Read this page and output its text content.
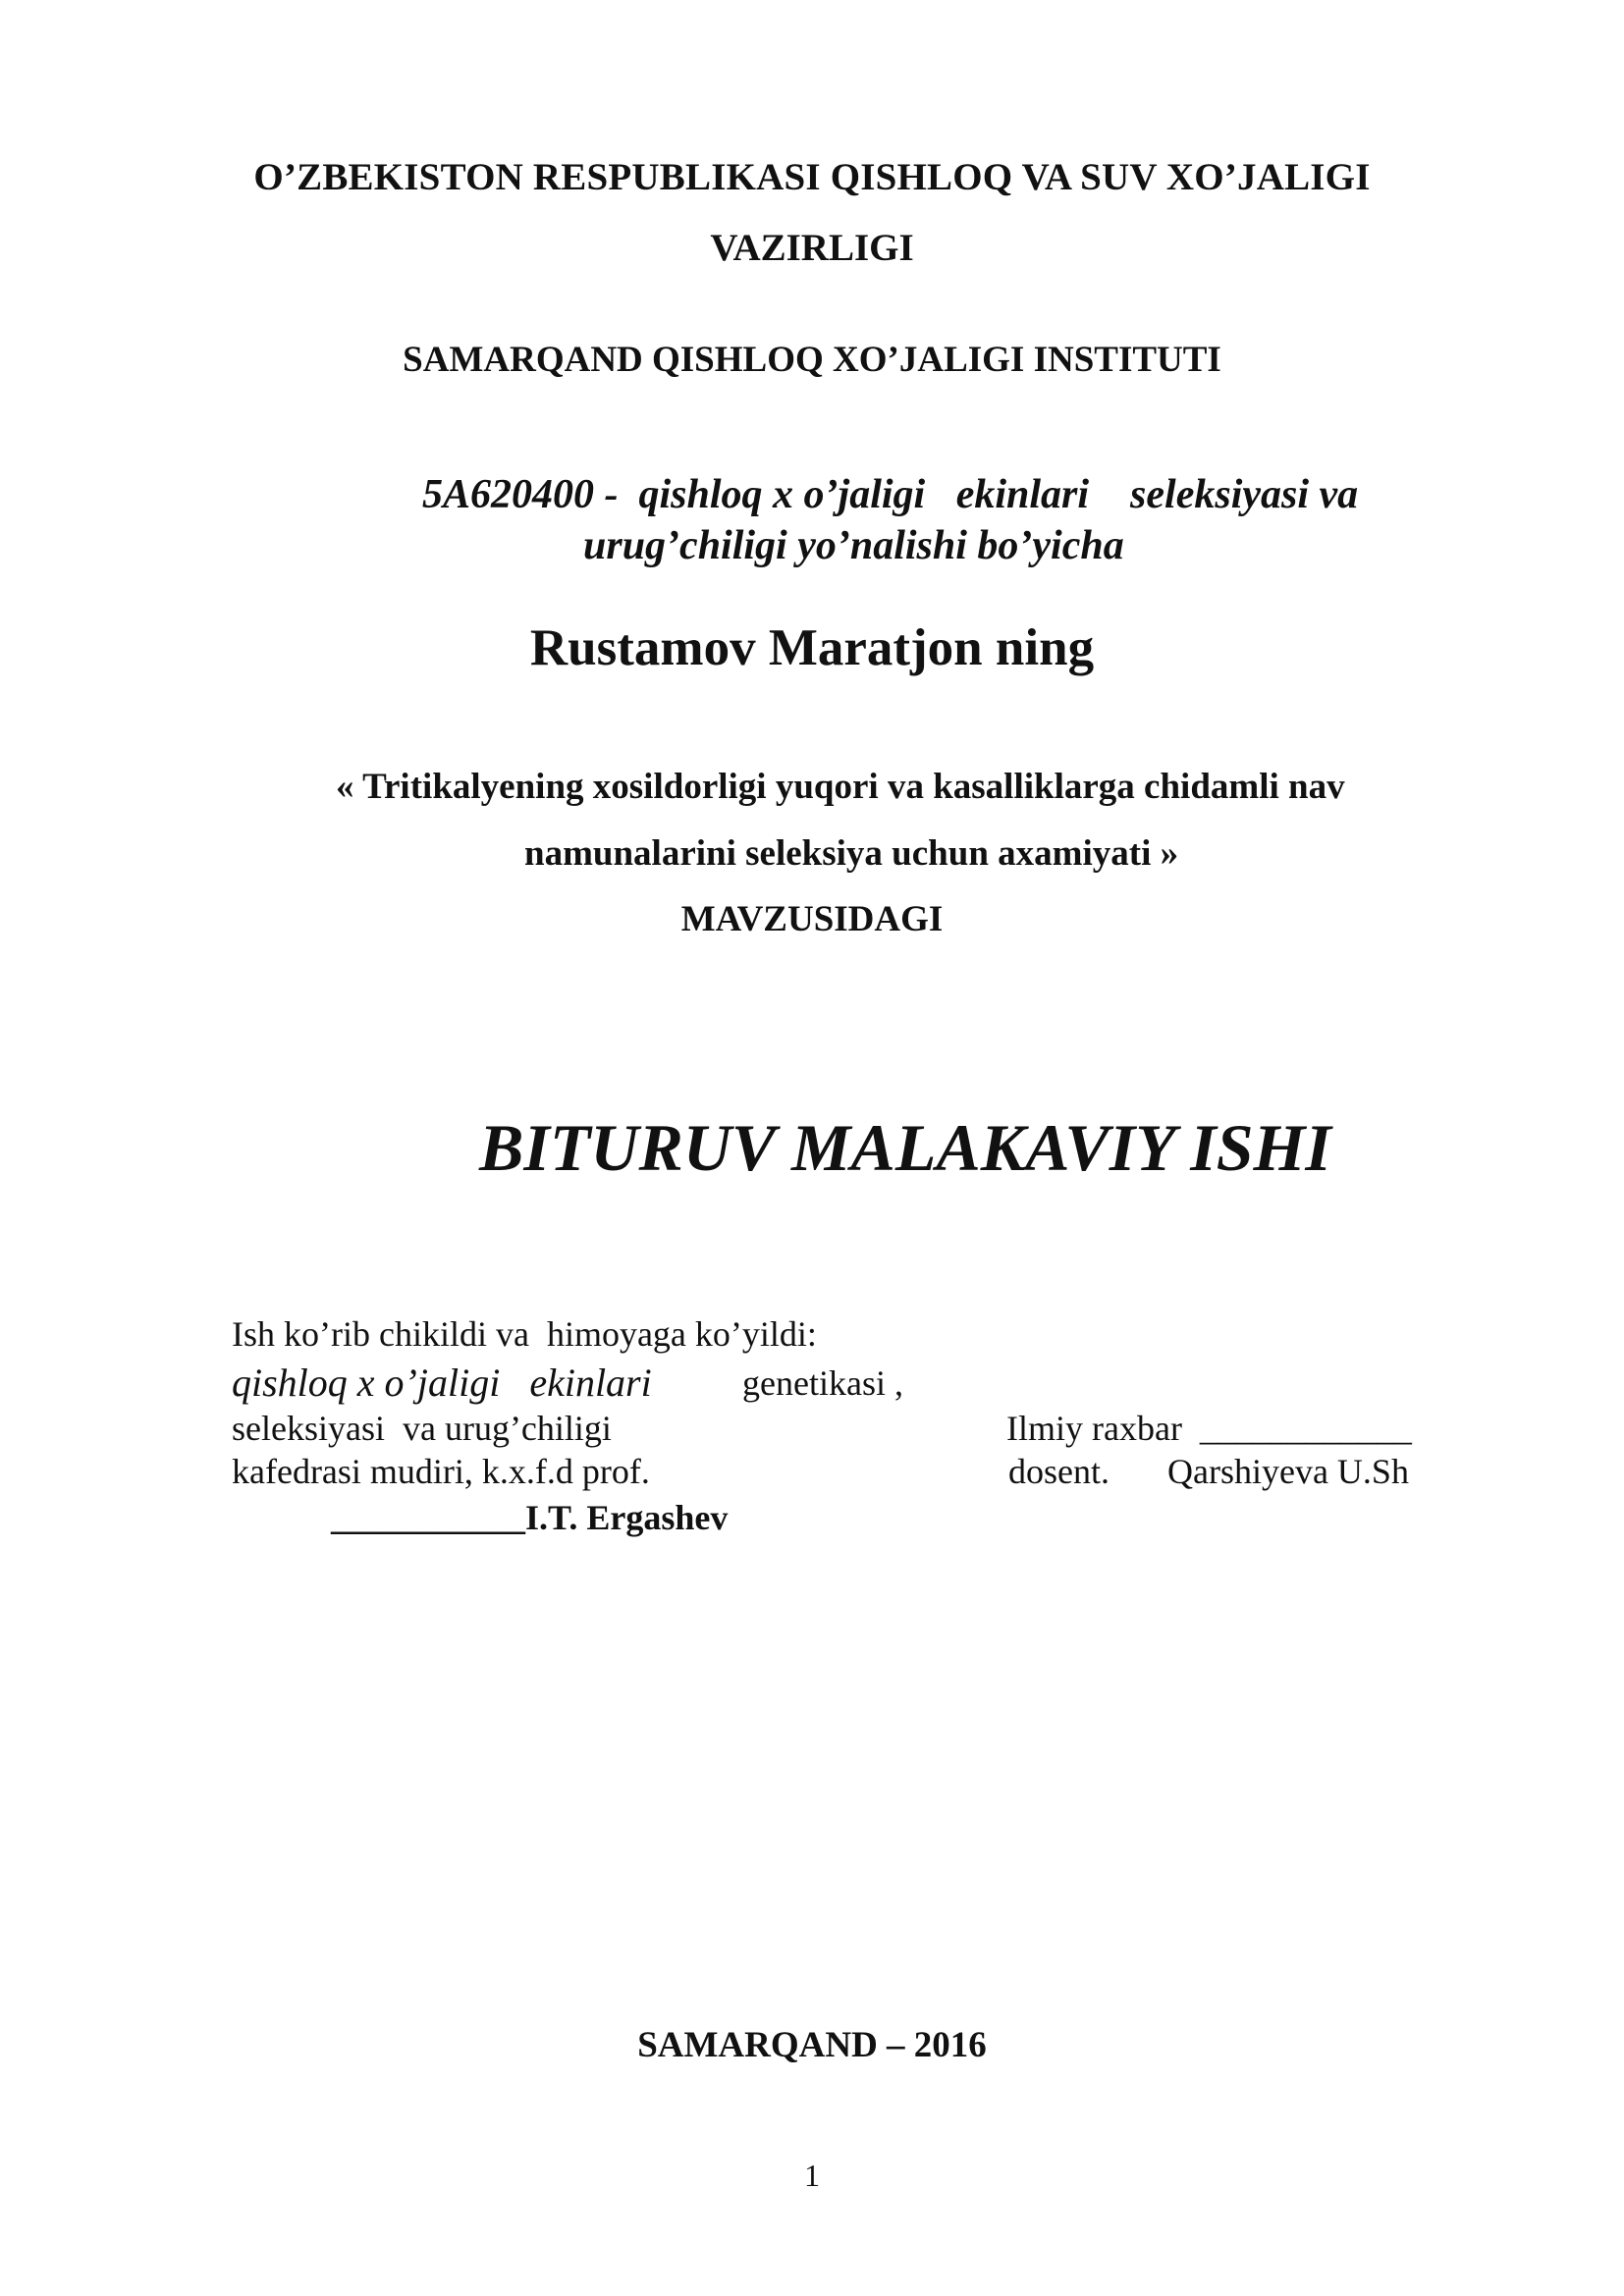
O’ZBEKISTON RESPUBLIKASI QISHLOQ VA SUV XO’JALIGI
VAZIRLIGI
SAMARQAND QISHLOQ XO’JALIGI INSTITUTI
5A620400 -  qishloq x o’jaligi   ekinlari    seleksiyasi va
urug’chiligi yo’nalishi bo’yicha
Rustamov Maratjon ning
« Tritikalyening xosildorligi yuqori va kasalliklarga chidamli nav
namunalarini seleksiya uchun axamiyati »
MAVZUSIDAGI
BITURUV MALAKAVIY ISHI
Ish ko’rib chikildi va  himoyaga ko’yildi:
qishloq x o’jaligi   ekinlari	genetikasi ,
seleksiyasi  va urug’chiligi
kafedrasi mudiri, k.x.f.d prof.
___________I.T. Ergashev
Ilmiy raxbar  ____________
dosent. Qarshiyeva U.Sh
SAMARQAND – 2016
1
